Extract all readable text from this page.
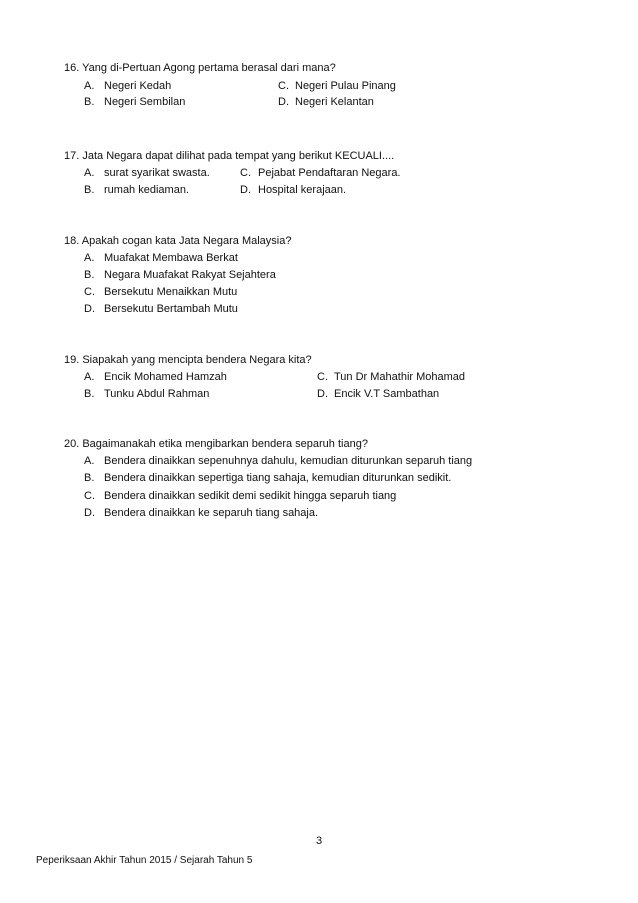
16. Yang di-Pertuan Agong pertama berasal dari mana?
A. Negeri Kedah	C. Negeri Pulau Pinang
B. Negeri Sembilan	D. Negeri Kelantan
17. Jata Negara dapat dilihat pada tempat yang berikut KECUALI....
A. surat syarikat swasta.	C. Pejabat Pendaftaran Negara.
B. rumah kediaman.	D. Hospital kerajaan.
18. Apakah cogan kata Jata Negara Malaysia?
A. Muafakat Membawa Berkat
B. Negara Muafakat Rakyat Sejahtera
C. Bersekutu Menaikkan Mutu
D. Bersekutu Bertambah Mutu
19. Siapakah yang mencipta bendera Negara kita?
A. Encik Mohamed Hamzah	C. Tun Dr Mahathir Mohamad
B. Tunku Abdul Rahman	D. Encik V.T Sambathan
20. Bagaimanakah etika mengibarkan bendera separuh tiang?
A. Bendera dinaikkan sepenuhnya dahulu, kemudian diturunkan separuh tiang
B. Bendera dinaikkan sepertiga tiang sahaja, kemudian diturunkan sedikit.
C. Bendera dinaikkan sedikit demi sedikit hingga separuh tiang
D. Bendera dinaikkan ke separuh tiang sahaja.
3
Peperiksaan Akhir Tahun 2015 / Sejarah Tahun 5
